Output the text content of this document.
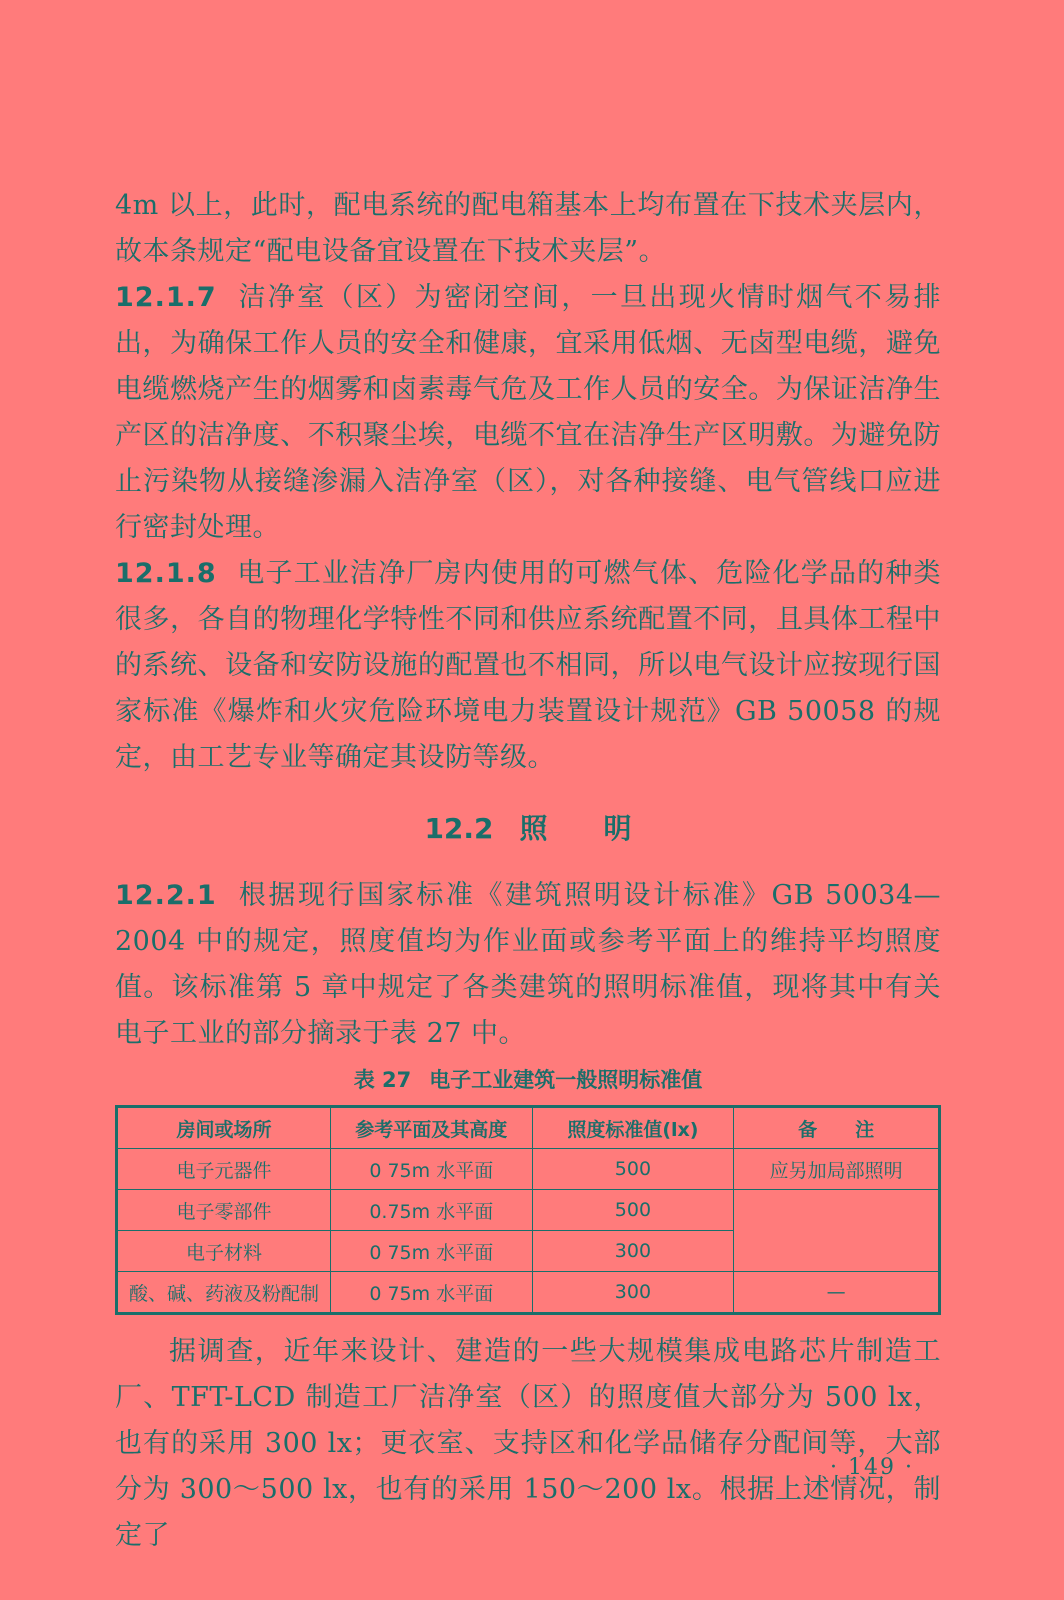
4m 以上，此时，配电系统的配电箱基本上均布置在下技术夹层内，故本条规定“配电设备宜设置在下技术夹层”。

12.1.7 洁净室（区）为密闭空间，一旦出现火情时烟气不易排出，为确保工作人员的安全和健康，宜采用低烟、无卤型电缆，避免电缆燃烧产生的烟雾和卤素毒气危及工作人员的安全。为保证洁净生产区的洁净度、不积聚尘埃，电缆不宜在洁净生产区明敷。为避免防止污染物从接缝渗漏入洁净室（区），对各种接缝、电气管线口应进行密封处理。

12.1.8 电子工业洁净厂房内使用的可燃气体、危险化学品的种类很多，各自的物理化学特性不同和供应系统配置不同，且具体工程中的系统、设备和安防设施的配置也不相同，所以电气设计应按现行国家标准《爆炸和火灾危险环境电力装置设计规范》GB 50058 的规定，由工艺专业等确定其设防等级。

12.2 照　　明

12.2.1 根据现行国家标准《建筑照明设计标准》GB 50034—2004 中的规定，照度值均为作业面或参考平面上的维持平均照度值。该标准第 5 章中规定了各类建筑的照明标准值，现将其中有关电子工业的部分摘录于表 27 中。

表 27 电子工业建筑一般照明标准值
房间或场所	参考平面及其高度	照度标准值(lx)	备　　注
电子元器件	0 75m 水平面	500	应另加局部照明
电子零部件	0.75m 水平面	500	
电子材料	0 75m 水平面	300	
酸、碱、药液及粉配制	0 75m 水平面	300	—

据调查，近年来设计、建造的一些大规模集成电路芯片制造工厂、TFT-LCD 制造工厂洁净室（区）的照度值大部分为 500 lx，也有的采用 300 lx；更衣室、支持区和化学品储存分配间等，大部分为 300～500 lx，也有的采用 150～200 lx。根据上述情况，制定了

· 149 ·
